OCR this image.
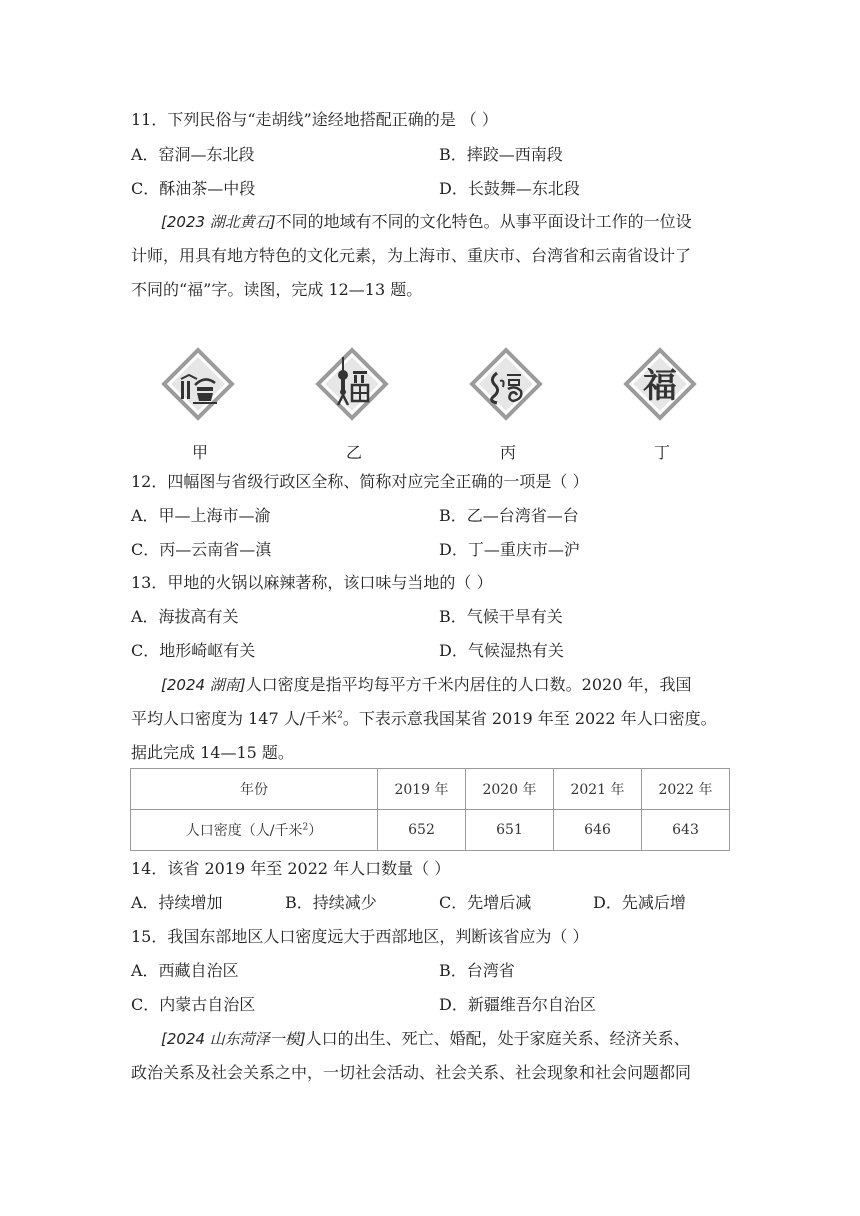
11．下列民俗与“走胡线”途经地搭配正确的是 （ ）
A．窑洞—东北段	B．摔跤—西南段
C．酥油茶—中段	D．长鼓舞—东北段
[2023 湖北黄石]不同的地域有不同的文化特色。从事平面设计工作的一位设
计师，用具有地方特色的文化元素，为上海市、重庆市、台湾省和云南省设计了
不同的“福”字。读图，完成 12—13 题。
福
甲	乙	丙	丁
12．四幅图与省级行政区全称、简称对应完全正确的一项是（ ）
A．甲—上海市—渝	B．乙—台湾省—台
C．丙—云南省—滇	D．丁—重庆市—沪
13．甲地的火锅以麻辣著称，该口味与当地的（ ）
A．海拔高有关	B．气候干旱有关
C．地形崎岖有关	D．气候湿热有关
[2024 湖南]人口密度是指平均每平方千米内居住的人口数。2020 年，我国
平均人口密度为 147 人/千米$^2$。下表示意我国某省 2019 年至 2022 年人口密度。
据此完成 14—15 题。
年份	2019 年	2020 年	2021 年	2022 年
人口密度（人/千米$^2$）	652	651	646	643
14．该省 2019 年至 2022 年人口数量（ ）
A．持续增加	B．持续减少	C．先增后减	D．先减后增
15．我国东部地区人口密度远大于西部地区，判断该省应为（ ）
A．西藏自治区	B．台湾省
C．内蒙古自治区	D．新疆维吾尔自治区
[2024 山东菏泽一模]人口的出生、死亡、婚配，处于家庭关系、经济关系、
政治关系及社会关系之中，一切社会活动、社会关系、社会现象和社会问题都同
